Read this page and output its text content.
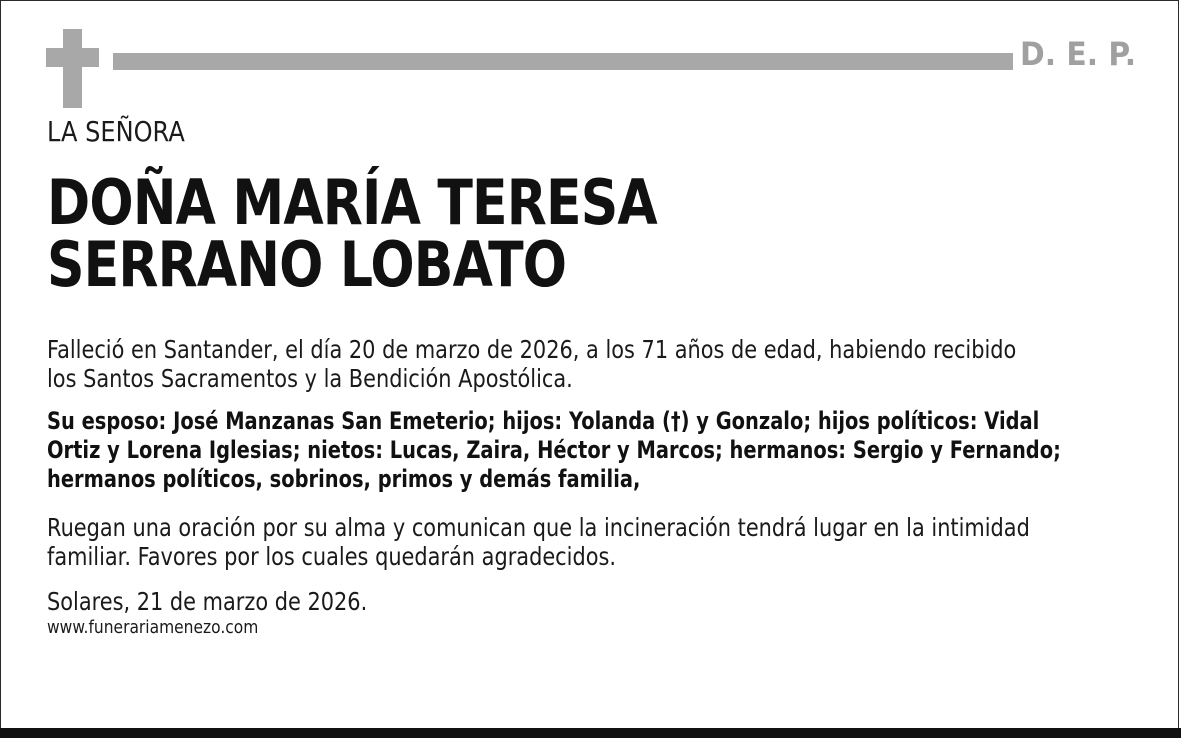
D. E. P.
LA SEÑORA
DOÑA MARÍA TERESA
SERRANO LOBATO
Falleció en Santander, el día 20 de marzo de 2026, a los 71 años de edad, habiendo recibido
los Santos Sacramentos y la Bendición Apostólica.
Su esposo: José Manzanas San Emeterio; hijos: Yolanda (†) y Gonzalo; hijos políticos: Vidal
Ortiz y Lorena Iglesias; nietos: Lucas, Zaira, Héctor y Marcos; hermanos: Sergio y Fernando;
hermanos políticos, sobrinos, primos y demás familia,
Ruegan una oración por su alma y comunican que la incineración tendrá lugar en la intimidad
familiar. Favores por los cuales quedarán agradecidos.
Solares, 21 de marzo de 2026.
www.funerariamenezo.com
